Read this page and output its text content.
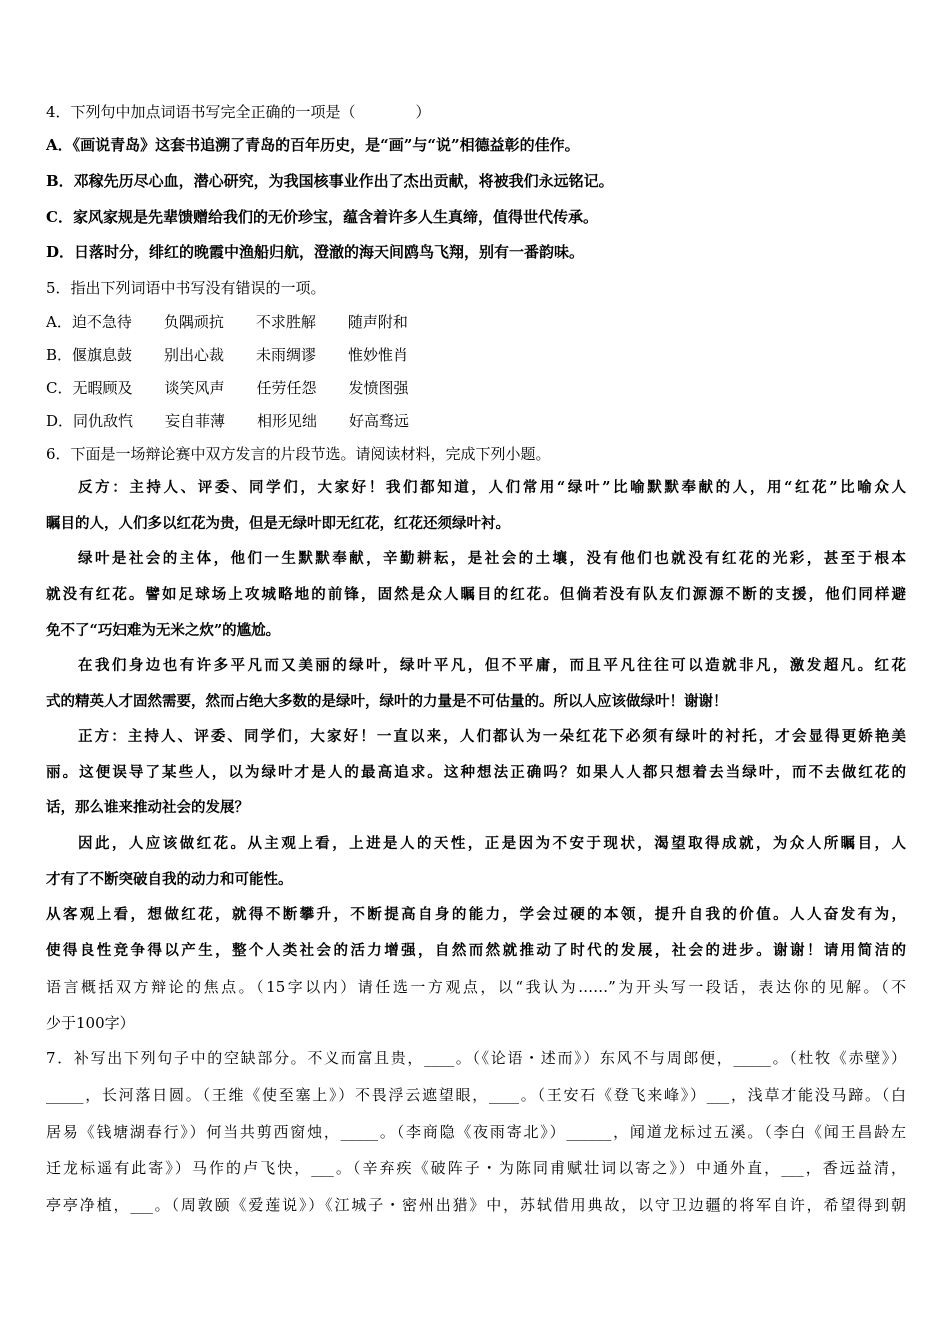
4．下列句中加点词语书写完全正确的一项是（　　　　）
A．《画说青岛》这套书追溯了青岛的百年历史，是“画”与“说”相德益彰的佳作。
B．邓稼先历尽心血，潜心研究，为我国核事业作出了杰出贡献，将被我们永远铭记。
C．家风家规是先辈馈赠给我们的无价珍宝，蕴含着许多人生真缔，值得世代传承。
D．日落时分，绯红的晚霞中渔船归航，澄澈的海天间鸥鸟飞翔，别有一番韵味。
5．指出下列词语中书写没有错误的一项。
A．迫不急待 负隅顽抗 不求胜解 随声附和
B．偃旗息鼓 别出心裁 未雨绸谬 惟妙惟肖
C．无暇顾及 谈笑风声 任劳任怨 发愤图强
D．同仇敌忾 妄自菲薄 相形见绌 好高骛远
6．下面是一场辩论赛中双方发言的片段节选。请阅读材料，完成下列小题。
反方：主持人、评委、同学们，大家好！我们都知道，人们常用“绿叶”比喻默默奉献的人，用“红花”比喻众人
瞩目的人，人们多以红花为贵，但是无绿叶即无红花，红花还须绿叶衬。
绿叶是社会的主体，他们一生默默奉献，辛勤耕耘，是社会的土壤，没有他们也就没有红花的光彩，甚至于根本
就没有红花。譬如足球场上攻城略地的前锋，固然是众人瞩目的红花。但倘若没有队友们源源不断的支援，他们同样避
免不了“巧妇难为无米之炊”的尴尬。
在我们身边也有许多平凡而又美丽的绿叶，绿叶平凡，但不平庸，而且平凡往往可以造就非凡，激发超凡。红花
式的精英人才固然需要，然而占绝大多数的是绿叶，绿叶的力量是不可估量的。所以人应该做绿叶！谢谢！
正方：主持人、评委、同学们，大家好！一直以来，人们都认为一朵红花下必须有绿叶的衬托，才会显得更娇艳美
丽。这便误导了某些人，以为绿叶才是人的最高追求。这种想法正确吗？如果人人都只想着去当绿叶，而不去做红花的
话，那么谁来推动社会的发展？
因此，人应该做红花。从主观上看，上进是人的天性，正是因为不安于现状，渴望取得成就，为众人所瞩目，人
才有了不断突破自我的动力和可能性。
从客观上看，想做红花，就得不断攀升，不断提高自身的能力，学会过硬的本领，提升自我的价值。人人奋发有为，
使得良性竞争得以产生，整个人类社会的活力增强，自然而然就推动了时代的发展，社会的进步。谢谢！请用简洁的
语言概括双方辩论的焦点。（15字以内）请任选一方观点，以“我认为……”为开头写一段话，表达你的见解。（不
少于100字）
7．补写出下列句子中的空缺部分。不义而富且贵，____。（《论语・述而》）东风不与周郎便，_____。（杜牧《赤壁》）
_____，长河落日圆。（王维《使至塞上》）不畏浮云遮望眼，____。（王安石《登飞来峰》）___，浅草才能没马蹄。（白
居易《钱塘湖春行》）何当共剪西窗烛，_____。（李商隐《夜雨寄北》）______，闻道龙标过五溪。（李白《闻王昌龄左
迁龙标遥有此寄》）马作的卢飞快，___。（辛弃疾《破阵子・为陈同甫赋壮词以寄之》）中通外直，___，香远益清，
亭亭净植，___。（周敦颐《爱莲说》）《江城子・密州出猎》中，苏轼借用典故，以守卫边疆的将军自许，希望得到朝
